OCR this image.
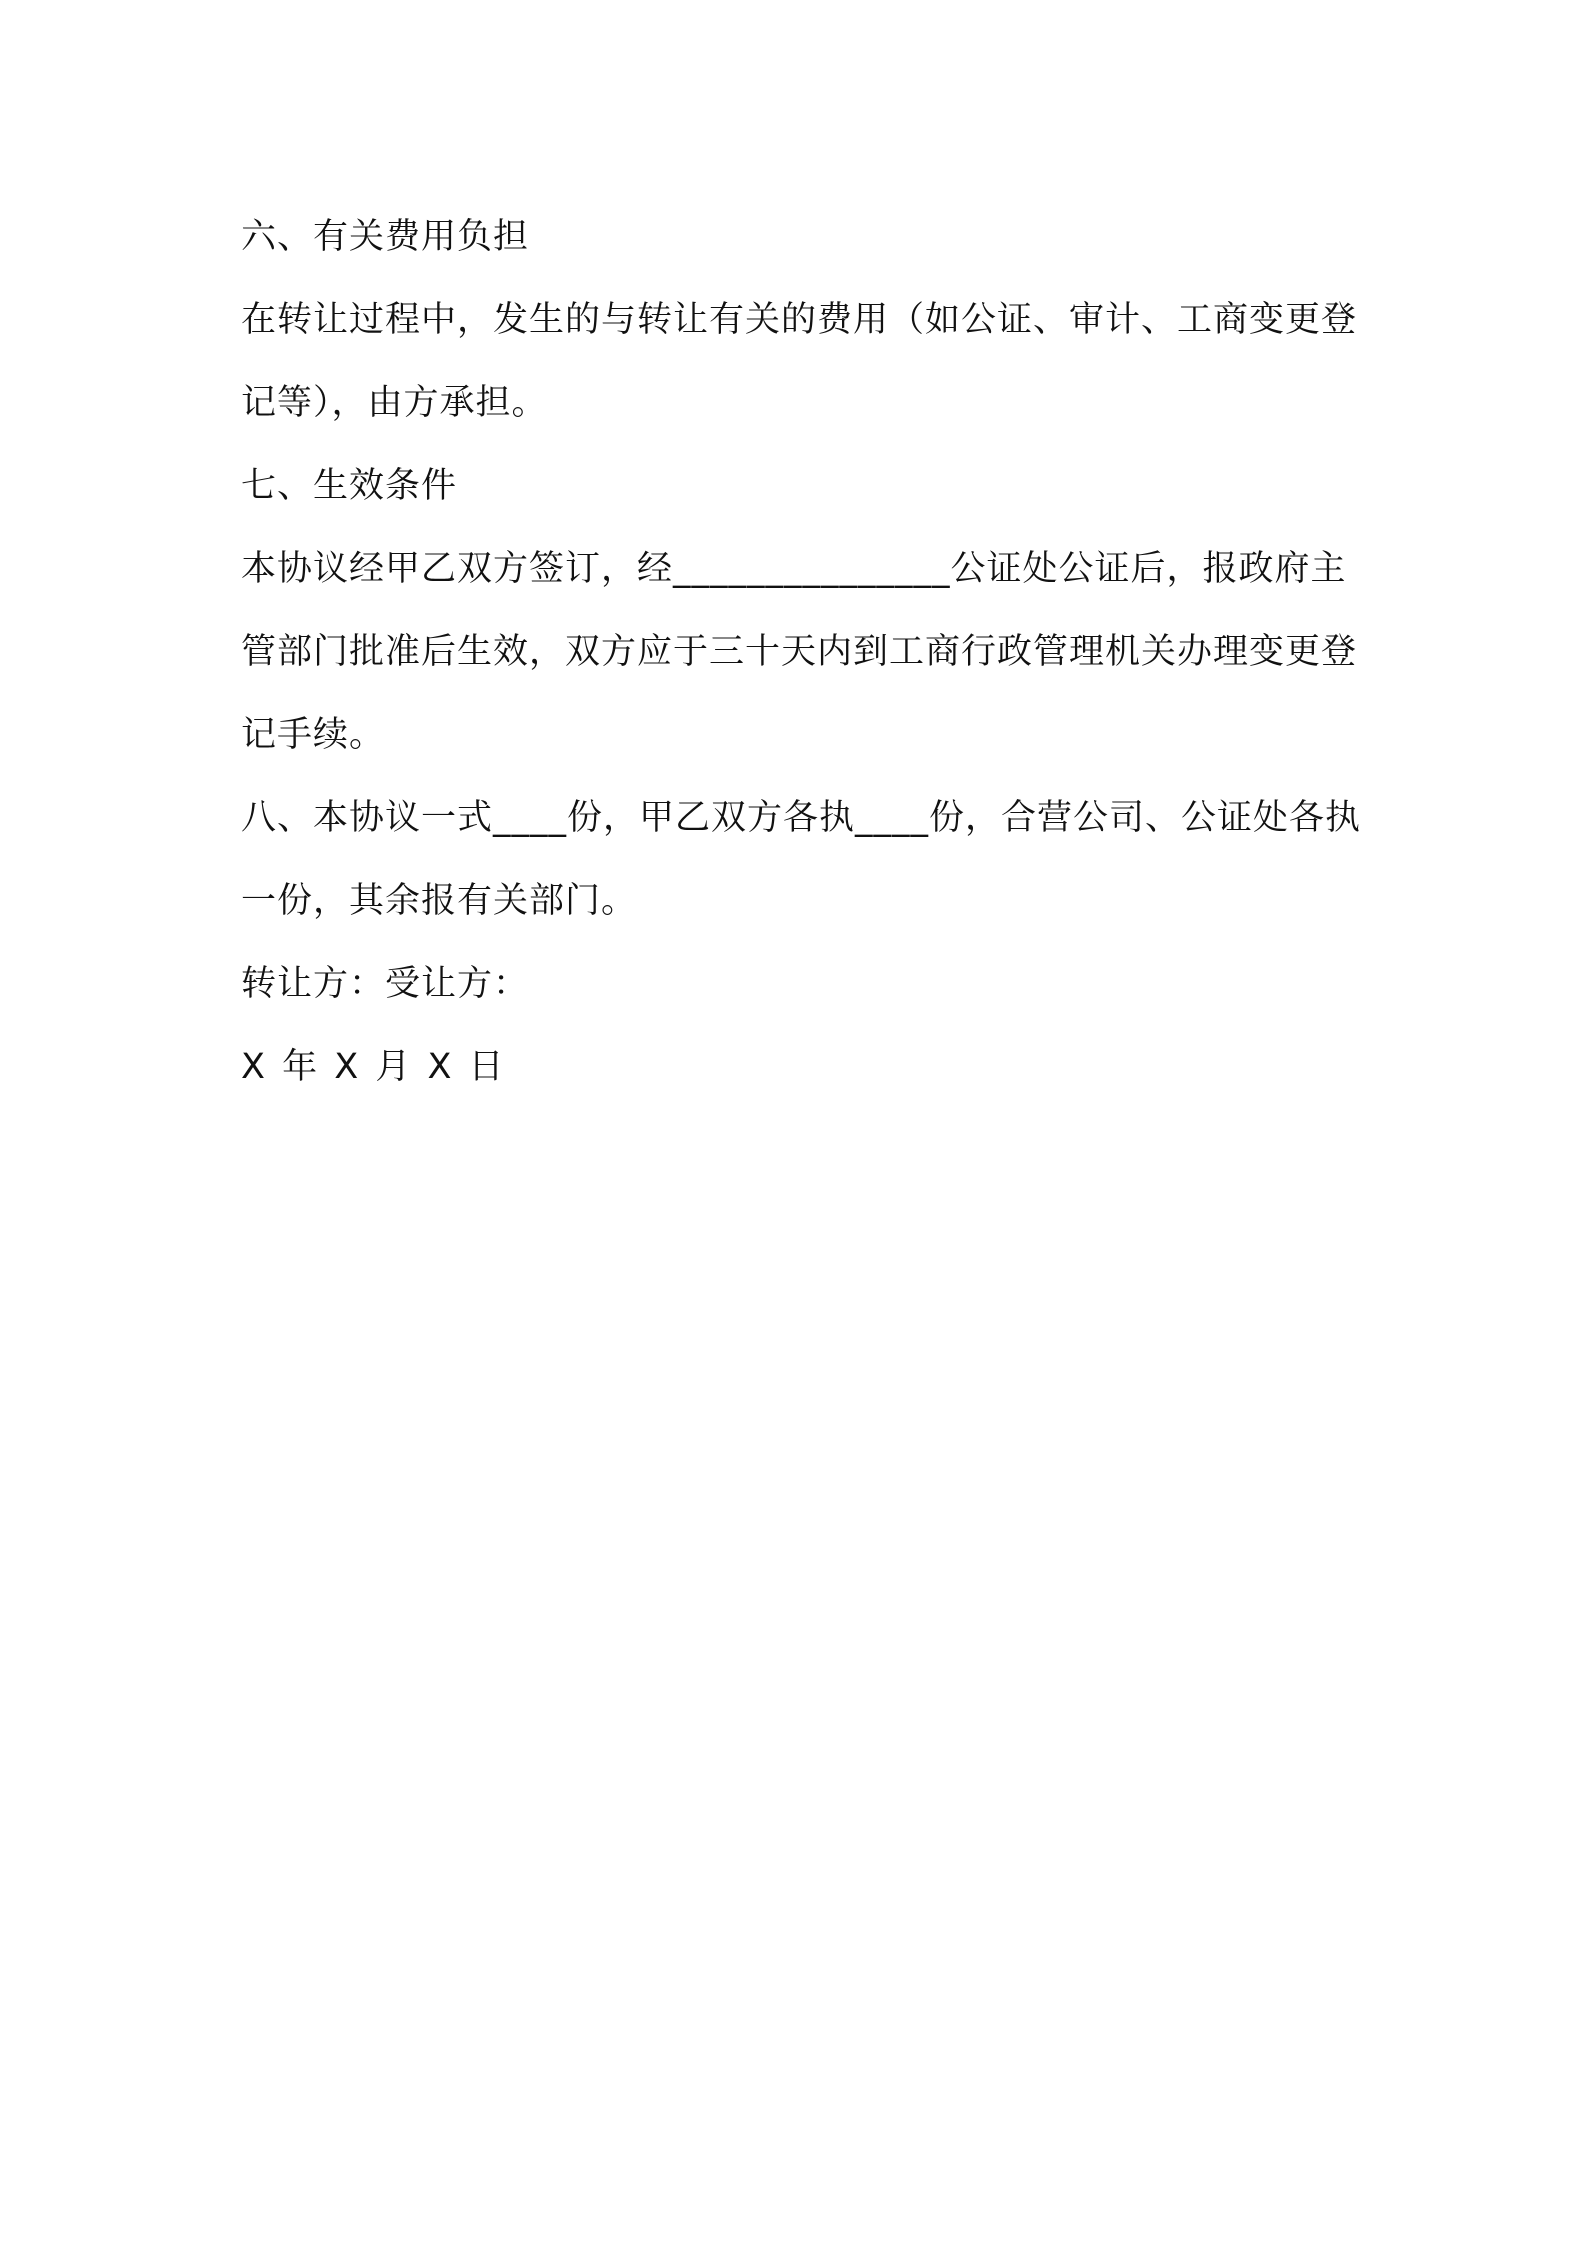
六、有关费用负担

在转让过程中，发生的与转让有关的费用（如公证、审计、工商变更登记等），由方承担。

七、生效条件

本协议经甲乙双方签订，经_______________公证处公证后，报政府主管部门批准后生效，双方应于三十天内到工商行政管理机关办理变更登记手续。

八、本协议一式____份，甲乙双方各执____份，合营公司、公证处各执一份，其余报有关部门。

转让方：受让方：

X 年 X 月 X 日
